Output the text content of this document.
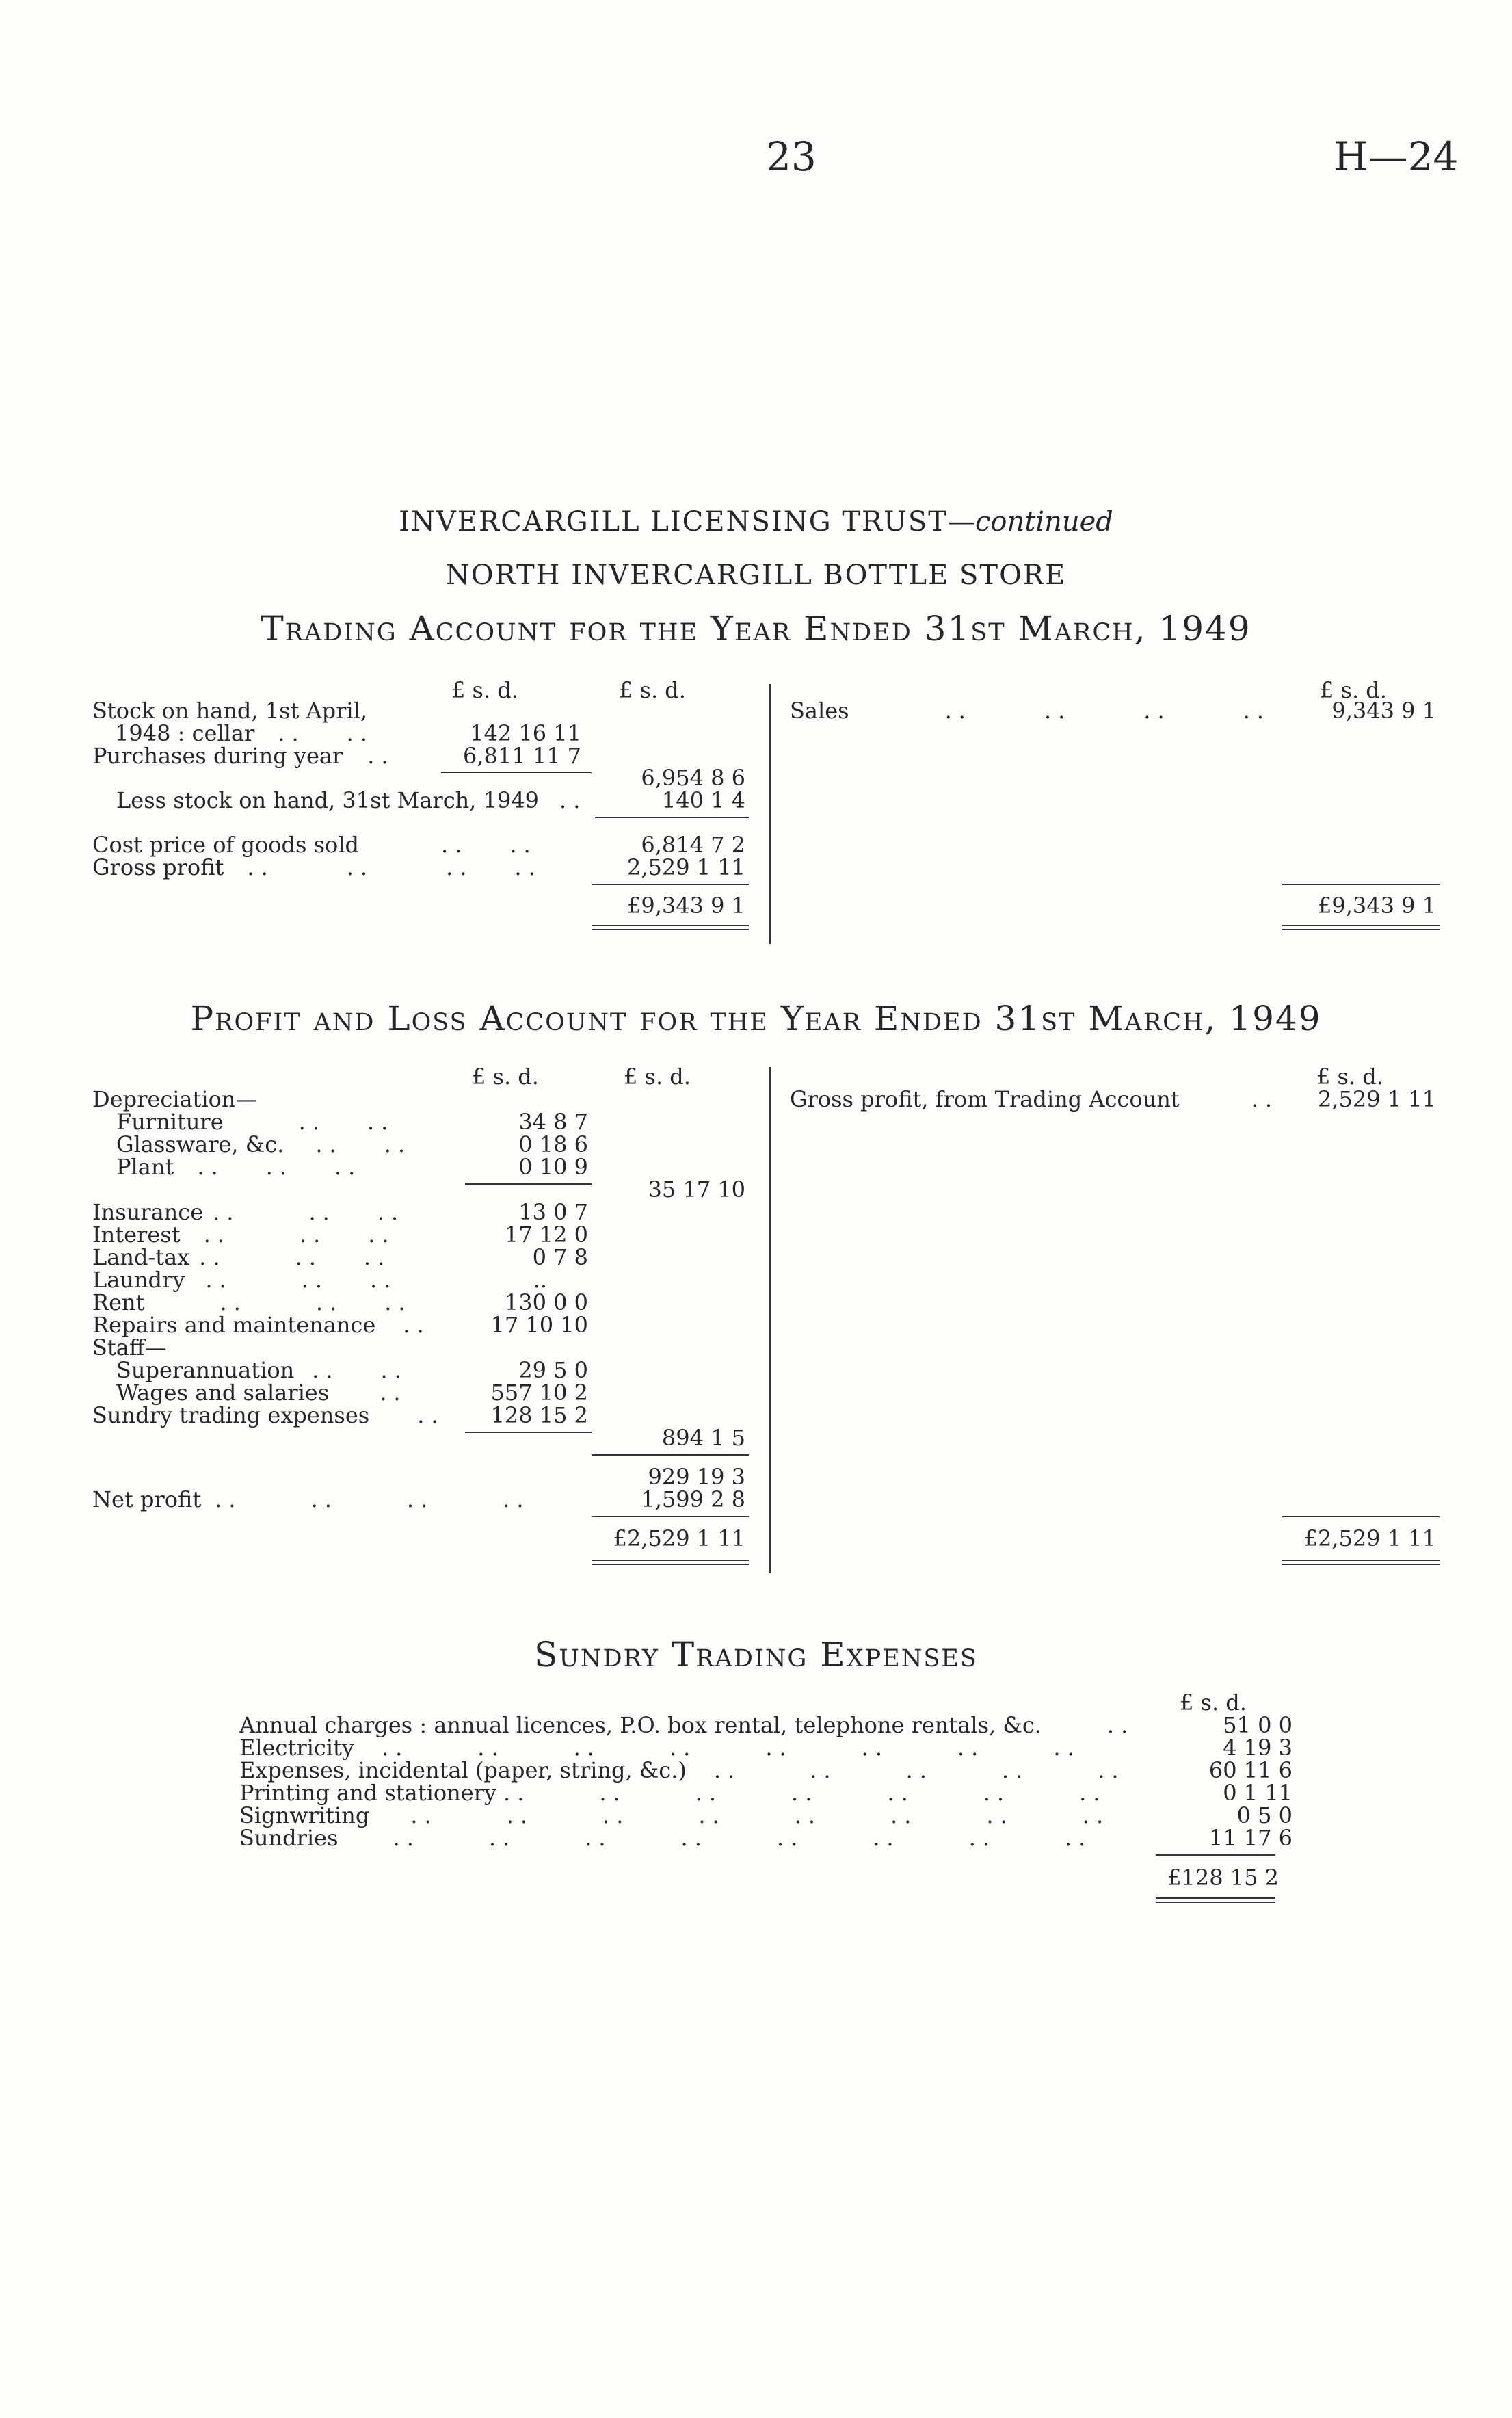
23	H—24
INVERCARGILL LICENSING TRUST—continued
NORTH INVERCARGILL BOTTLE STORE
Trading Account for the Year Ended 31st March, 1949
£ s. d.	£ s. d.	£ s. d.
Stock on hand, 1st April,
1948 : cellar .. ..	142 16 11
Purchases during year ..	6,811 11 7
6,954 8 6
Less stock on hand, 31st March, 1949 ..	140 1 4
Cost price of goods sold	.. ..	6,814 7 2
Gross profit ..	..	.. ..	2,529 1 11
£9,343 9 1
Sales	..	..	..	..	9,343 9 1
£9,343 9 1
Profit and Loss Account for the Year Ended 31st March, 1949
£ s. d.	£ s. d.	£ s. d.
Depreciation—
Furniture	.. ..	34 8 7
Glassware, &c. .. ..	0 18 6
Plant .. .. ..	0 10 9
35 17 10
Insurance ..	.. ..	13 0 7
Interest ..	.. ..	17 12 0
Land-tax ..	.. ..	0 7 8
Laundry ..	.. ..	..
Rent	..	.. ..	130 0 0
Repairs and maintenance ..	17 10 10
Staff—
Superannuation .. ..	29 5 0
Wages and salaries ..	557 10 2
Sundry trading expenses ..	128 15 2
894 1 5
929 19 3
Net profit ..	..	..	..	1,599 2 8
£2,529 1 11
Gross profit, from Trading Account	..	2,529 1 11
£2,529 1 11
Sundry Trading Expenses
£ s. d.
Annual charges : annual licences, P.O. box rental, telephone rentals, &c.	..	51 0 0
Electricity ..	..	..	..	..	..	..	..	4 19 3
Expenses, incidental (paper, string, &c.) ..	..	..	..	..	60 11 6
Printing and stationery ..	..	..	..	..	..	..	0 1 11
Signwriting ..	..	..	..	..	..	..	..	0 5 0
Sundries	..	..	..	..	..	..	..	..	11 17 6
£128 15 2
